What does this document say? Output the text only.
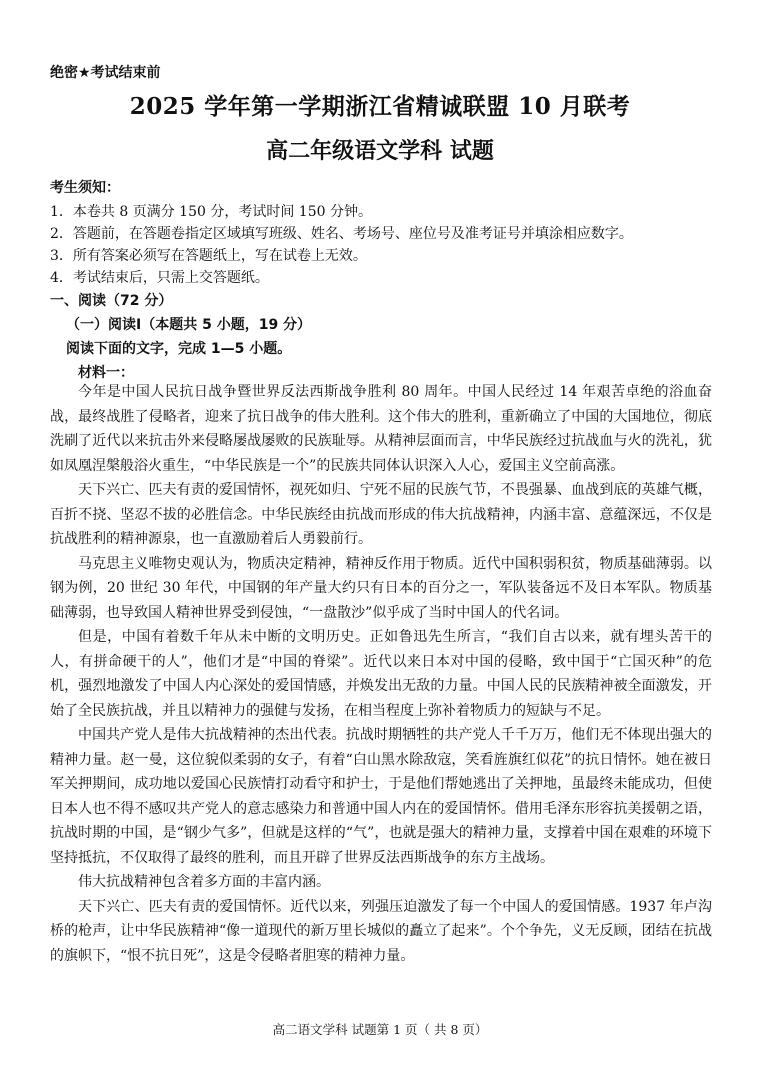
绝密★考试结束前
2025 学年第一学期浙江省精诚联盟 10 月联考
高二年级语文学科 试题
考生须知：
1．本卷共 8 页满分 150 分，考试时间 150 分钟。
2．答题前，在答题卷指定区域填写班级、姓名、考场号、座位号及准考证号并填涂相应数字。
3．所有答案必须写在答题纸上，写在试卷上无效。
4．考试结束后，只需上交答题纸。
一、阅读（72 分）
（一）阅读Ⅰ（本题共 5 小题，19 分）
阅读下面的文字，完成 1—5 小题。
材料一：

今年是中国人民抗日战争暨世界反法西斯战争胜利 80 周年。中国人民经过 14 年艰苦卓绝的浴血奋战，最终战胜了侵略者，迎来了抗日战争的伟大胜利。这个伟大的胜利，重新确立了中国的大国地位，彻底洗刷了近代以来抗击外来侵略屡战屡败的民族耻辱。从精神层面而言，中华民族经过抗战血与火的洗礼，犹如凤凰涅槃般浴火重生，“中华民族是一个”的民族共同体认识深入人心，爱国主义空前高涨。

天下兴亡、匹夫有责的爱国情怀，视死如归、宁死不屈的民族气节，不畏强暴、血战到底的英雄气概，百折不挠、坚忍不拔的必胜信念。中华民族经由抗战而形成的伟大抗战精神，内涵丰富、意蕴深远，不仅是抗战胜利的精神源泉，也一直激励着后人勇毅前行。

马克思主义唯物史观认为，物质决定精神，精神反作用于物质。近代中国积弱积贫，物质基础薄弱。以钢为例，20 世纪 30 年代，中国钢的年产量大约只有日本的百分之一，军队装备远不及日本军队。物质基础薄弱，也导致国人精神世界受到侵蚀，“一盘散沙”似乎成了当时中国人的代名词。

但是，中国有着数千年从未中断的文明历史。正如鲁迅先生所言，“我们自古以来，就有埋头苦干的人，有拼命硬干的人”，他们才是“中国的脊梁”。近代以来日本对中国的侵略，致中国于“亡国灭种”的危机，强烈地激发了中国人内心深处的爱国情感，并焕发出无敌的力量。中国人民的民族精神被全面激发，开始了全民族抗战，并且以精神力的强健与发扬，在相当程度上弥补着物质力的短缺与不足。

中国共产党人是伟大抗战精神的杰出代表。抗战时期牺牲的共产党人千千万万，他们无不体现出强大的精神力量。赵一曼，这位貌似柔弱的女子，有着“白山黑水除敌寇，笑看旌旗红似花”的抗日情怀。她在被日军关押期间，成功地以爱国心民族情打动看守和护士，于是他们帮她逃出了关押地，虽最终未能成功，但使日本人也不得不感叹共产党人的意志感染力和普通中国人内在的爱国情怀。借用毛泽东形容抗美援朝之语，抗战时期的中国，是“钢少气多”，但就是这样的“气”，也就是强大的精神力量，支撑着中国在艰难的环境下坚持抵抗，不仅取得了最终的胜利，而且开辟了世界反法西斯战争的东方主战场。

伟大抗战精神包含着多方面的丰富内涵。

天下兴亡、匹夫有责的爱国情怀。近代以来，列强压迫激发了每一个中国人的爱国情感。1937 年卢沟桥的枪声，让中华民族精神“像一道现代的新万里长城似的矗立了起来”。个个争先，义无反顾，团结在抗战的旗帜下，“恨不抗日死”，这是令侵略者胆寒的精神力量。

高二语文学科 试题第 1 页（ 共 8 页）
